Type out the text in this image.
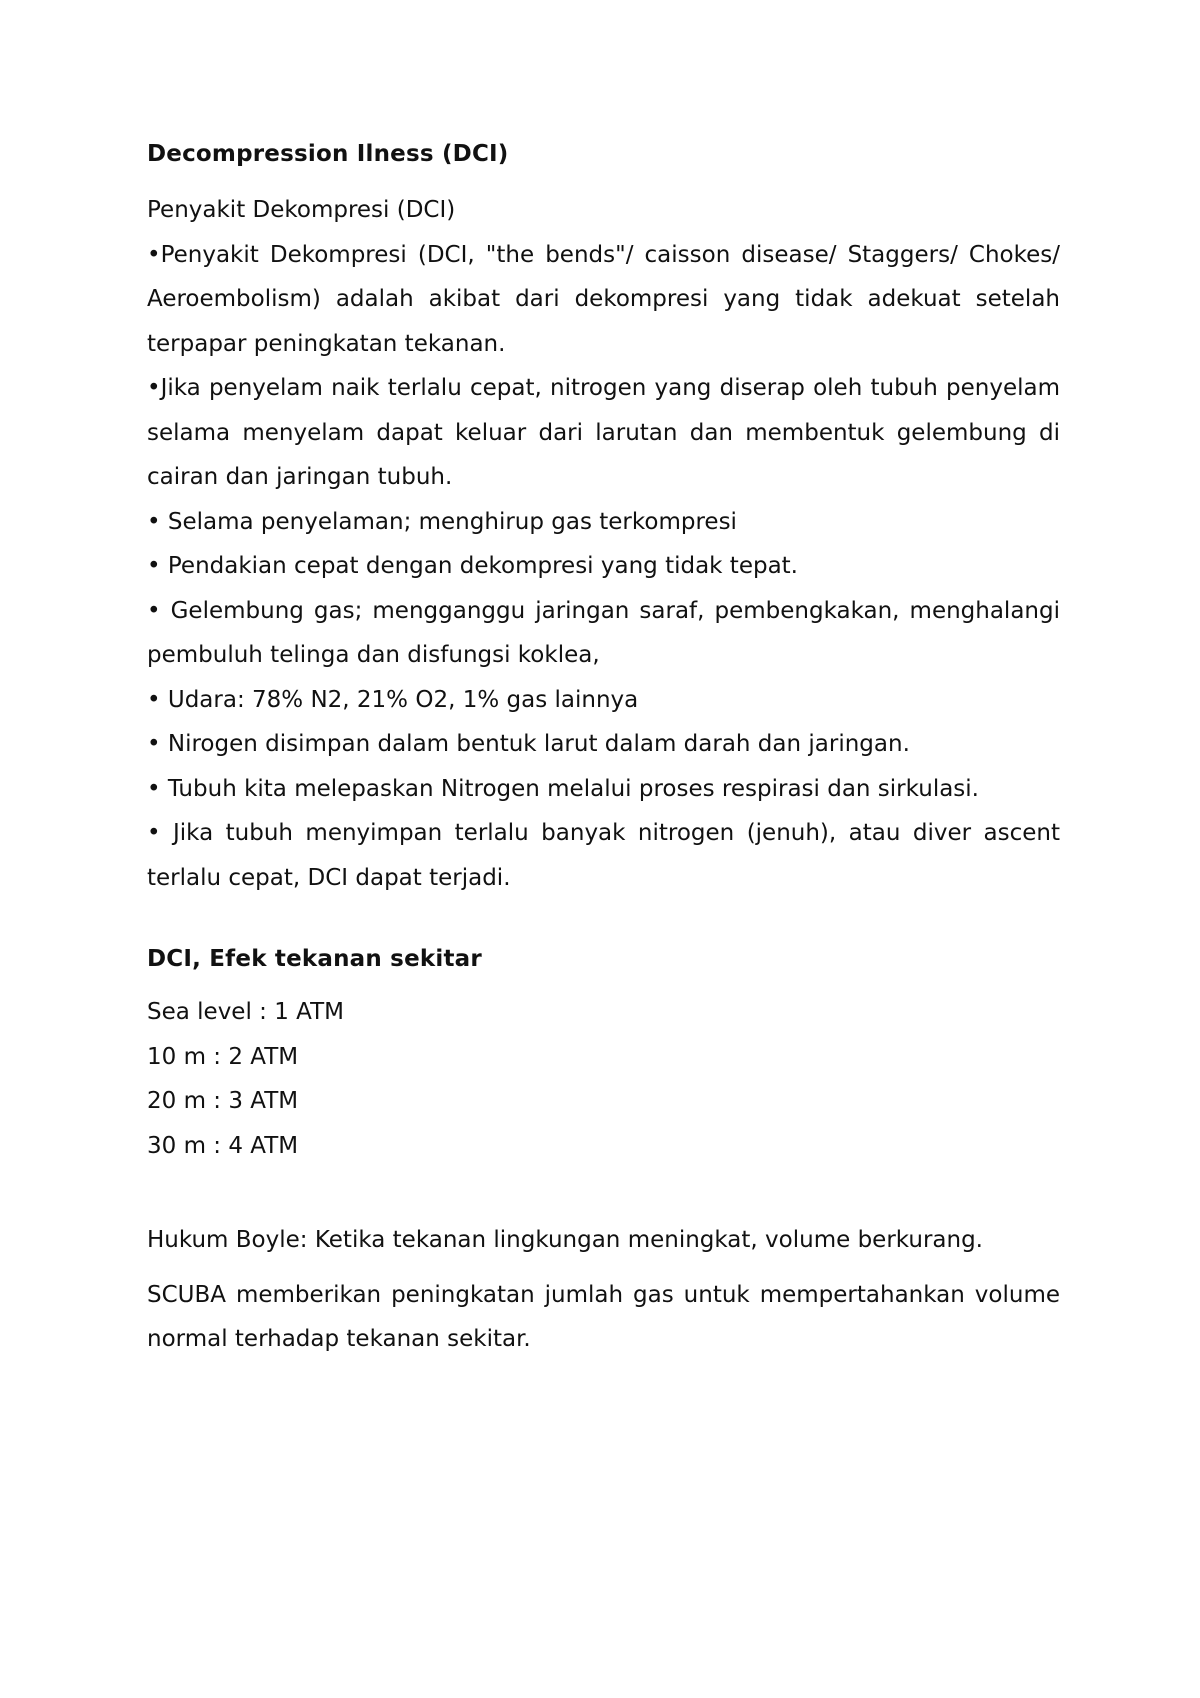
Decompression Ilness (DCI)

Penyakit Dekompresi (DCI)

•Penyakit Dekompresi (DCI, "the bends"/ caisson disease/ Staggers/ Chokes/ Aeroembolism) adalah akibat dari dekompresi yang tidak adekuat setelah terpapar peningkatan tekanan.

•Jika penyelam naik terlalu cepat, nitrogen yang diserap oleh tubuh penyelam selama menyelam dapat keluar dari larutan dan membentuk gelembung di cairan dan jaringan tubuh.

• Selama penyelaman; menghirup gas terkompresi

• Pendakian cepat dengan dekompresi yang tidak tepat.

• Gelembung gas; mengganggu jaringan saraf, pembengkakan, menghalangi pembuluh telinga dan disfungsi koklea,

• Udara: 78% N2, 21% O2, 1% gas lainnya

• Nirogen disimpan dalam bentuk larut dalam darah dan jaringan.

• Tubuh kita melepaskan Nitrogen melalui proses respirasi dan sirkulasi.

• Jika tubuh menyimpan terlalu banyak nitrogen (jenuh), atau diver ascent terlalu cepat, DCI dapat terjadi.

DCI, Efek tekanan sekitar

Sea level : 1 ATM

10 m : 2 ATM

20 m : 3 ATM

30 m : 4 ATM

Hukum Boyle: Ketika tekanan lingkungan meningkat, volume berkurang.

SCUBA memberikan peningkatan jumlah gas untuk mempertahankan volume normal terhadap tekanan sekitar.
